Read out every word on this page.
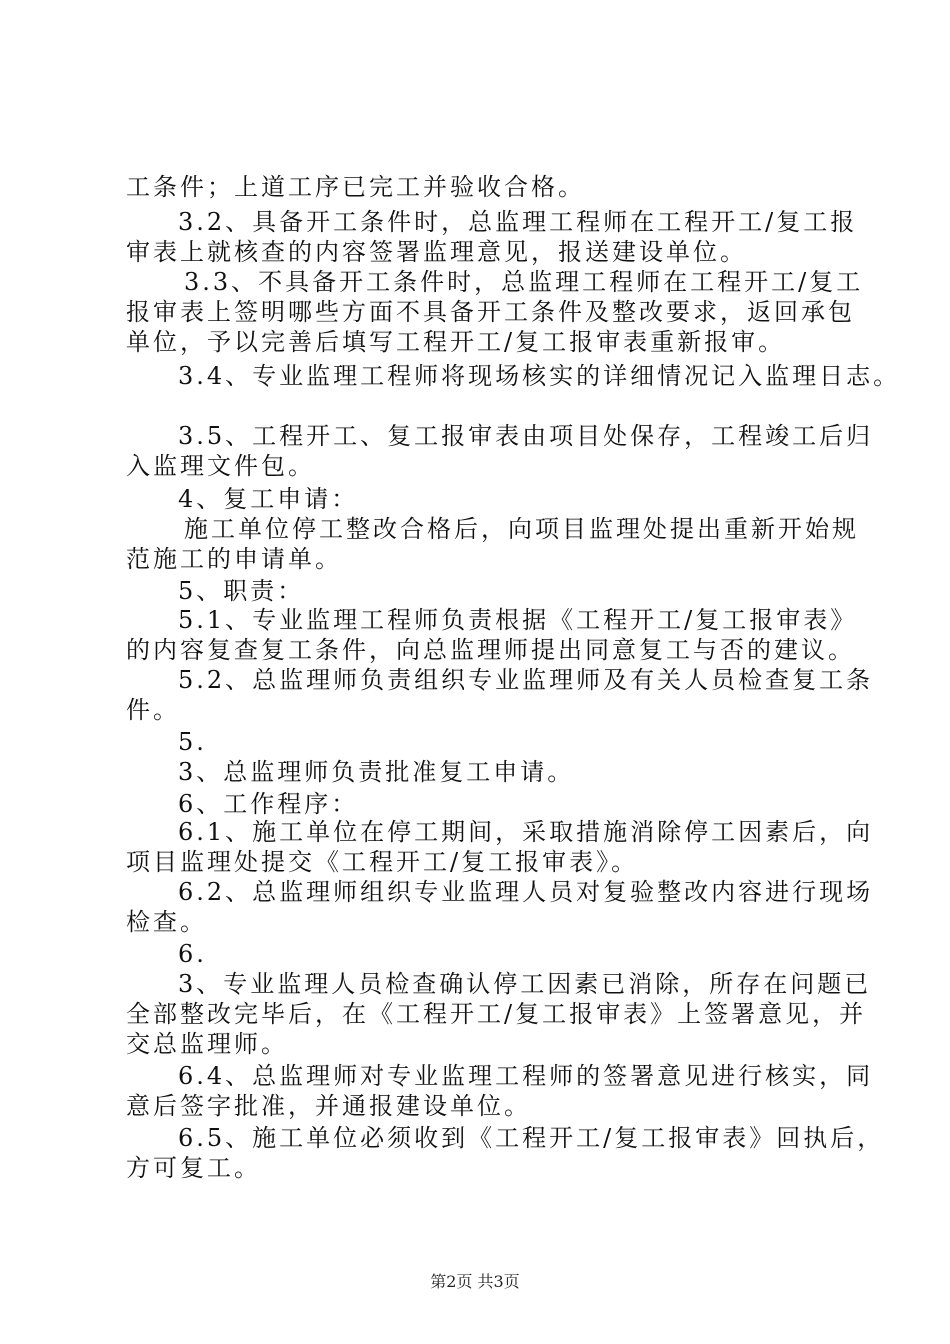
工条件；上道工序已完工并验收合格。
3.2、具备开工条件时，总监理工程师在工程开工/复工报
审表上就核查的内容签署监理意见，报送建设单位。
3.3、不具备开工条件时，总监理工程师在工程开工/复工
报审表上签明哪些方面不具备开工条件及整改要求，返回承包
单位，予以完善后填写工程开工/复工报审表重新报审。
3.4、专业监理工程师将现场核实的详细情况记入监理日志。
3.5、工程开工、复工报审表由项目处保存，工程竣工后归
入监理文件包。
4、复工申请：
施工单位停工整改合格后，向项目监理处提出重新开始规
范施工的申请单。
5、职责：
5.1、专业监理工程师负责根据《工程开工/复工报审表》
的内容复查复工条件，向总监理师提出同意复工与否的建议。
5.2、总监理师负责组织专业监理师及有关人员检查复工条
件。
5.
3、总监理师负责批准复工申请。
6、工作程序：
6.1、施工单位在停工期间，采取措施消除停工因素后，向
项目监理处提交《工程开工/复工报审表》。
6.2、总监理师组织专业监理人员对复验整改内容进行现场
检查。
6.
3、专业监理人员检查确认停工因素已消除，所存在问题已
全部整改完毕后，在《工程开工/复工报审表》上签署意见，并
交总监理师。
6.4、总监理师对专业监理工程师的签署意见进行核实，同
意后签字批准，并通报建设单位。
6.5、施工单位必须收到《工程开工/复工报审表》回执后，
方可复工。
第2页 共3页
